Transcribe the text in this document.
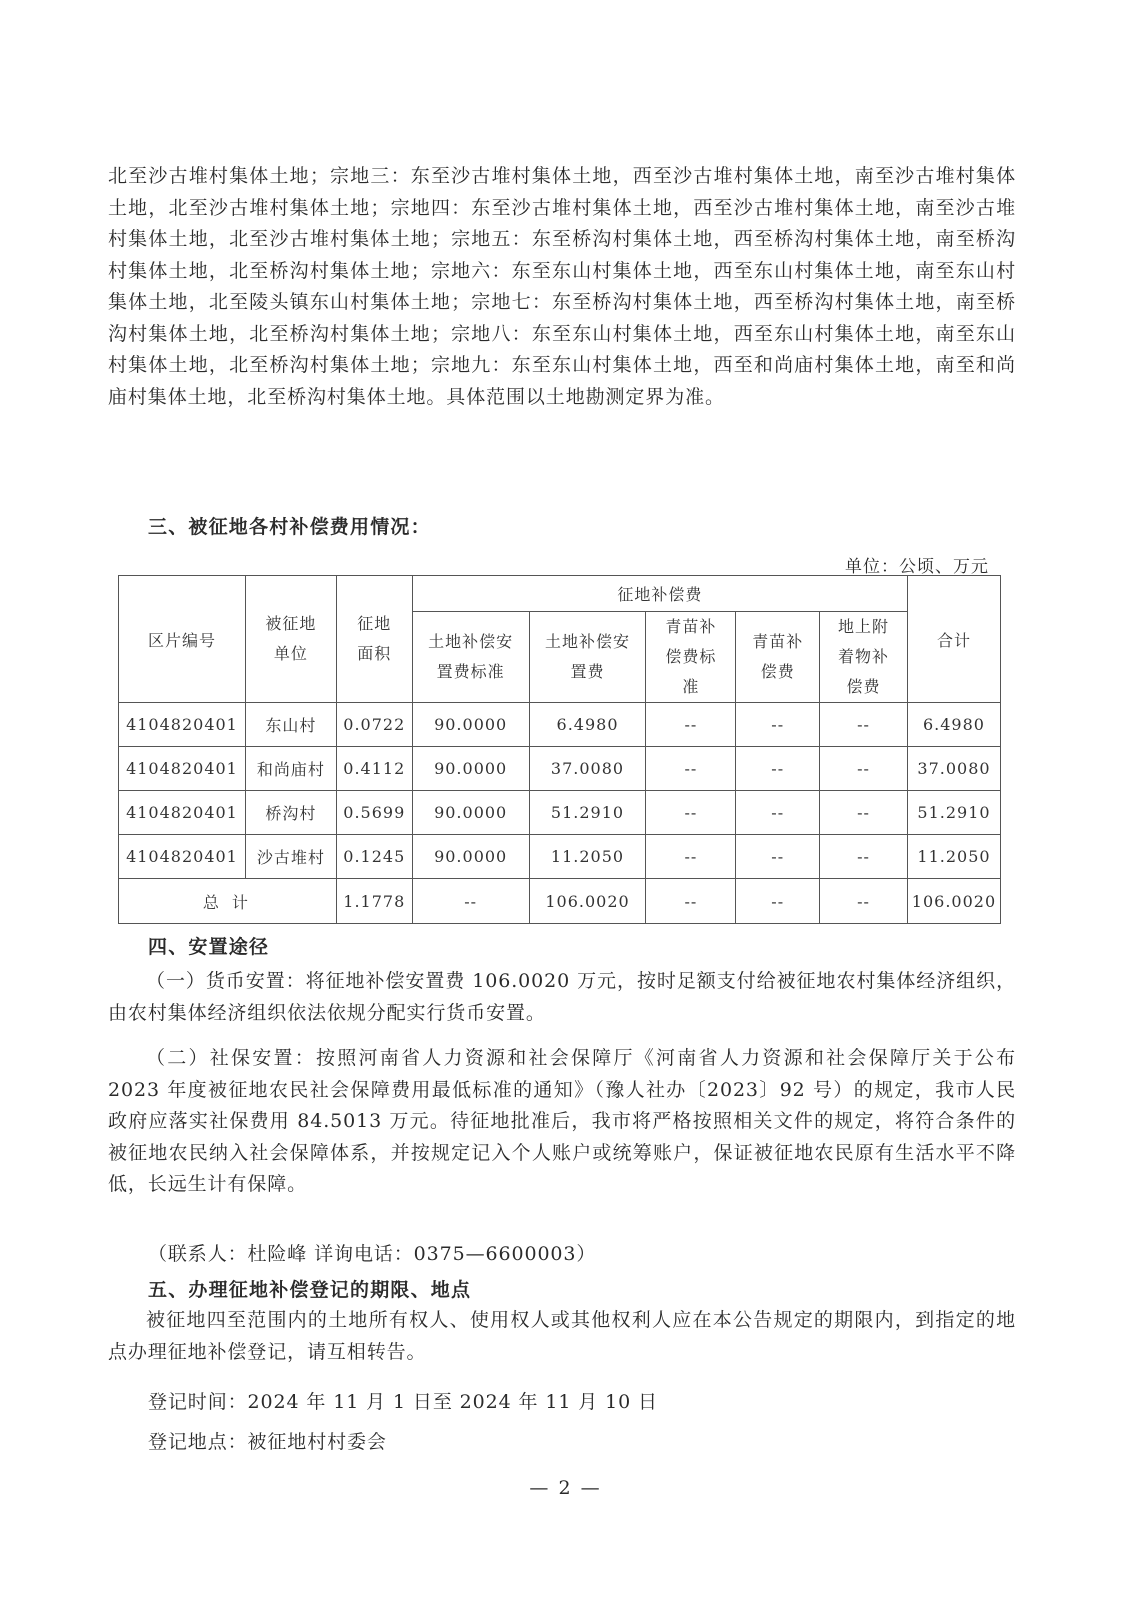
北至沙古堆村集体土地；宗地三：东至沙古堆村集体土地，西至沙古堆村集体土地，南至沙古堆村集体土地，北至沙古堆村集体土地；宗地四：东至沙古堆村集体土地，西至沙古堆村集体土地，南至沙古堆村集体土地，北至沙古堆村集体土地；宗地五：东至桥沟村集体土地，西至桥沟村集体土地，南至桥沟村集体土地，北至桥沟村集体土地；宗地六：东至东山村集体土地，西至东山村集体土地，南至东山村集体土地，北至陵头镇东山村集体土地；宗地七：东至桥沟村集体土地，西至桥沟村集体土地，南至桥沟村集体土地，北至桥沟村集体土地；宗地八：东至东山村集体土地，西至东山村集体土地，南至东山村集体土地，北至桥沟村集体土地；宗地九：东至东山村集体土地，西至和尚庙村集体土地，南至和尚庙村集体土地，北至桥沟村集体土地。具体范围以土地勘测定界为准。

三、被征地各村补偿费用情况：

单位：公顷、万元

区片编号	被征地单位	征地面积	征地补偿费					合计
			土地补偿安置费标准	土地补偿安置费	青苗补偿费标准	青苗补偿费	地上附着物补偿费	
4104820401	东山村	0.0722	90.0000	6.4980	--	--	--	6.4980
4104820401	和尚庙村	0.4112	90.0000	37.0080	--	--	--	37.0080
4104820401	桥沟村	0.5699	90.0000	51.2910	--	--	--	51.2910
4104820401	沙古堆村	0.1245	90.0000	11.2050	--	--	--	11.2050
总 计		1.1778	--	106.0020	--	--	--	106.0020

四、安置途径

（一）货币安置：将征地补偿安置费 106.0020 万元，按时足额支付给被征地农村集体经济组织，由农村集体经济组织依法依规分配实行货币安置。

（二）社保安置：按照河南省人力资源和社会保障厅《河南省人力资源和社会保障厅关于公布 2023 年度被征地农民社会保障费用最低标准的通知》（豫人社办〔2023〕92 号）的规定，我市人民政府应落实社保费用 84.5013 万元。待征地批准后，我市将严格按照相关文件的规定，将符合条件的被征地农民纳入社会保障体系，并按规定记入个人账户或统筹账户，保证被征地农民原有生活水平不降低，长远生计有保障。

（联系人：杜险峰 详询电话：0375—6600003）

五、办理征地补偿登记的期限、地点

被征地四至范围内的土地所有权人、使用权人或其他权利人应在本公告规定的期限内，到指定的地点办理征地补偿登记，请互相转告。

登记时间：2024 年 11 月 1 日至 2024 年 11 月 10 日

登记地点：被征地村村委会

— 2 —
